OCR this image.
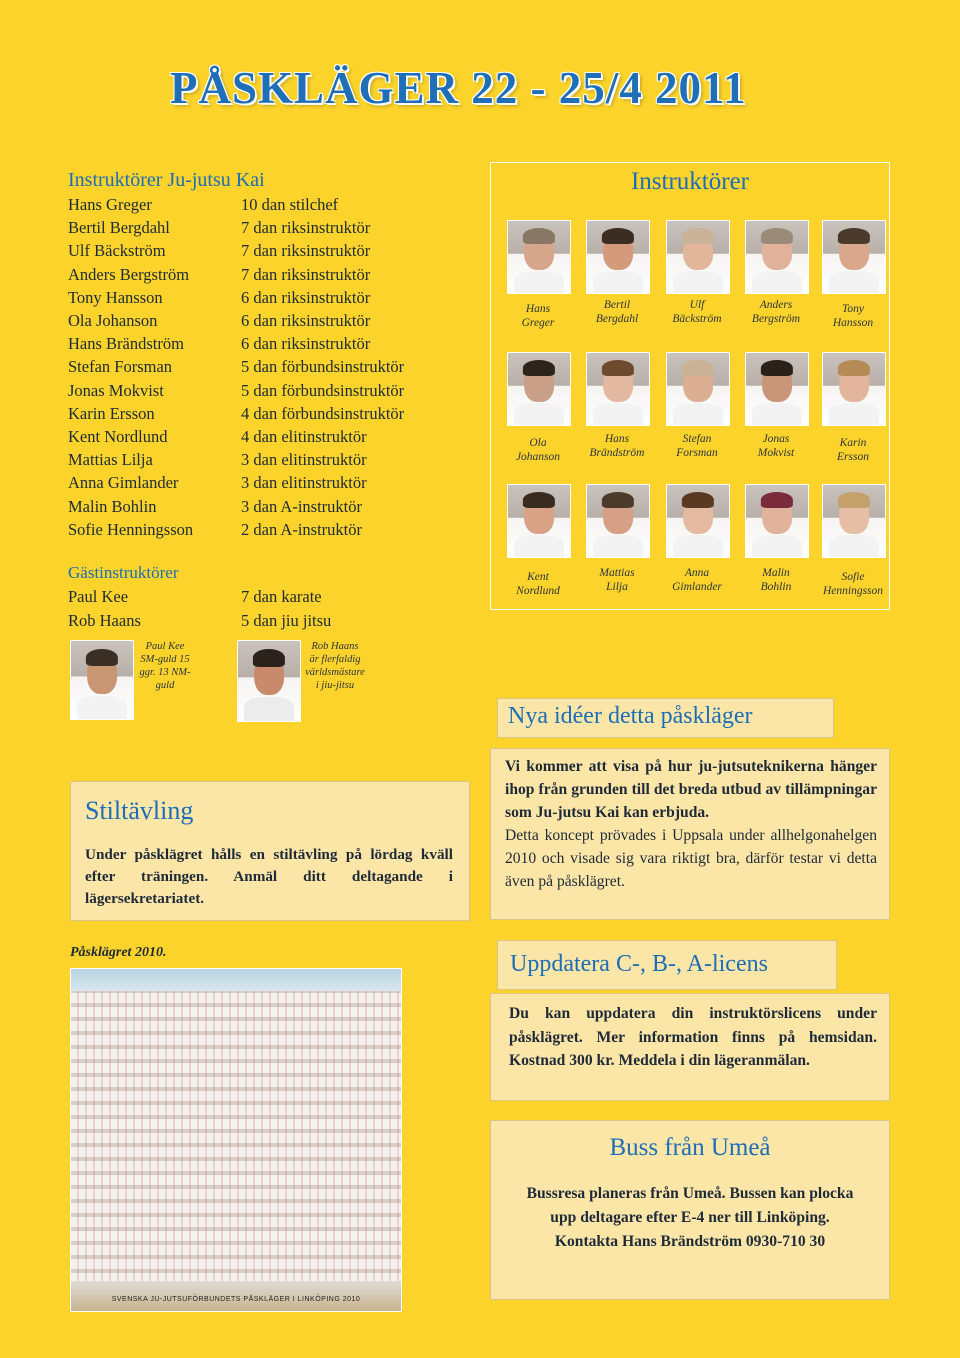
PÅSKLÄGER 22 - 25/4 2011
Instruktörer Ju-jutsu Kai
Hans Greger	10 dan stilchef
Bertil Bergdahl	7 dan riksinstruktör
Ulf Bäckström	7 dan riksinstruktör
Anders Bergström	7 dan riksinstruktör
Tony Hansson	6 dan riksinstruktör
Ola Johanson	6 dan riksinstruktör
Hans Brändström	6 dan riksinstruktör
Stefan Forsman	5 dan förbundsinstruktör
Jonas Mokvist	5 dan förbundsinstruktör
Karin Ersson	4 dan förbundsinstruktör
Kent Nordlund	4 dan elitinstruktör
Mattias Lilja	3 dan elitinstruktör
Anna Gimlander	3 dan elitinstruktör
Malin Bohlin	3 dan A-instruktör
Sofie Henningsson	2 dan A-instruktör
Gästinstruktörer
Paul Kee	7 dan karate
Rob Haans	5 dan jiu jitsu
Paul Kee
SM-guld 15
ggr. 13 NM-
guld
Rob Haans
är flerfaldig
världsmästare
i jiu-jitsu
Instruktörer
Hans
Greger
Bertil
Bergdahl
Ulf
Bäckström
Anders
Bergström
Tony
Hansson
Ola
Johanson
Hans
Brändström
Stefan
Forsman
Jonas
Mokvist
Karin
Ersson
Kent
Nordlund
Mattias
Lilja
Anna
Gimlander
Malin
Bohlin
Sofie
Henningsson
Nya idéer detta påskläger
Vi kommer att visa på hur ju-jutsuteknikerna hänger ihop från grunden till det breda utbud av tillämpningar som Ju-jutsu Kai kan erbjuda.
Detta koncept prövades i Uppsala under allhelgonahelgen 2010 och visade sig vara riktigt bra, därför testar vi detta även på påsklägret.
Stiltävling
Under påsklägret hålls en stiltävling på lördag kväll efter träningen. Anmäl ditt deltagande i lägersekretariatet.
Påsklägret 2010.
SVENSKA JU-JUTSUFÖRBUNDETS PÅSKLÄGER I LINKÖPING 2010
Uppdatera C-, B-, A-licens
Du kan uppdatera din instruktörslicens under påsklägret. Mer information finns på hemsidan. Kostnad 300 kr. Meddela i din lägeranmälan.
Buss från Umeå
Bussresa planeras från Umeå. Bussen kan plocka upp deltagare efter E-4 ner till Linköping.
Kontakta Hans Brändström 0930-710 30
